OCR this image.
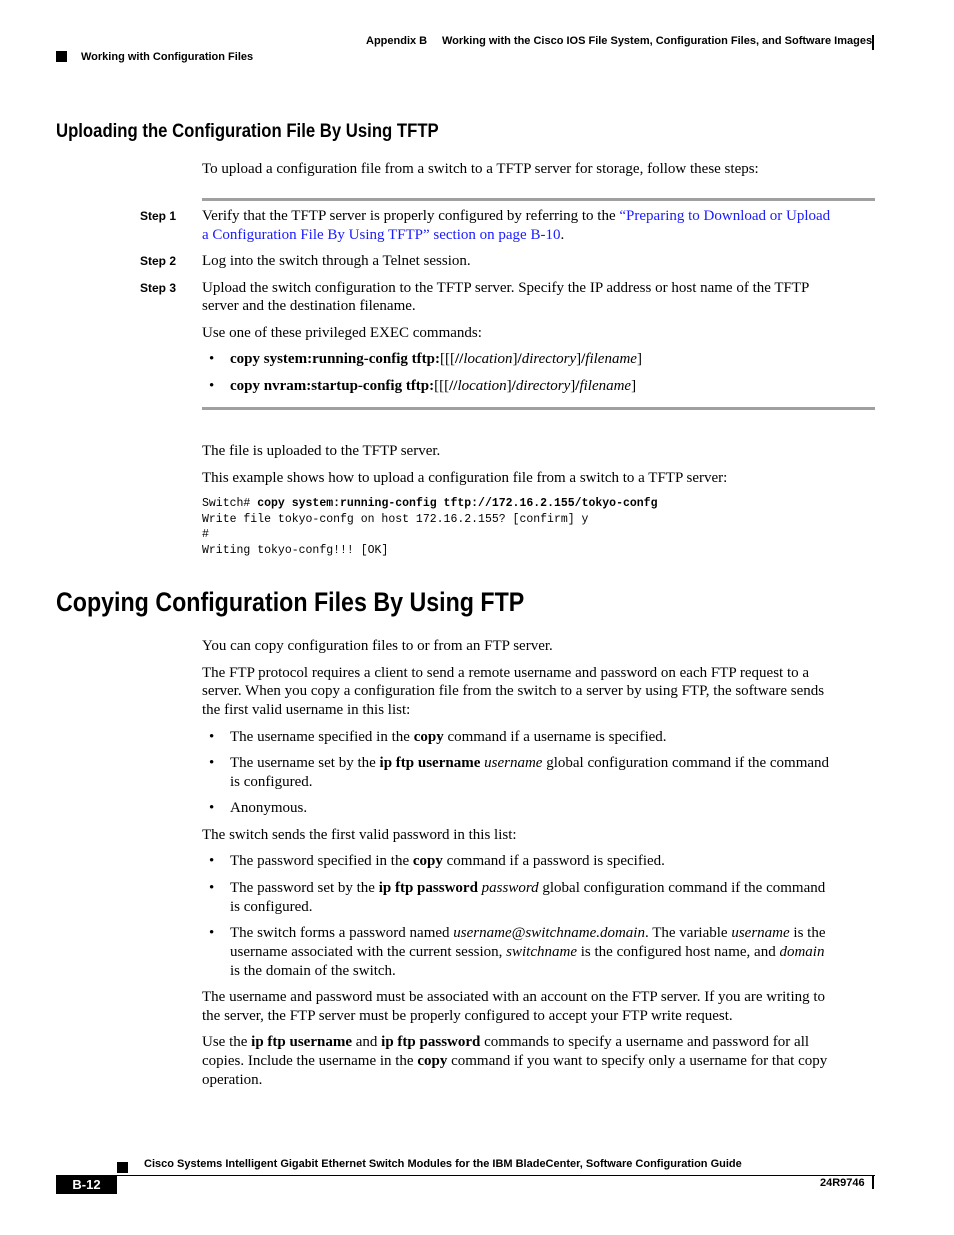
Appendix B Working with the Cisco IOS File System, Configuration Files, and Software Images
Working with Configuration Files
Uploading the Configuration File By Using TFTP
To upload a configuration file from a switch to a TFTP server for storage, follow these steps:
Step 1 Verify that the TFTP server is properly configured by referring to the “Preparing to Download or Upload
a Configuration File By Using TFTP” section on page B-10.
Step 2 Log into the switch through a Telnet session.
Step 3 Upload the switch configuration to the TFTP server. Specify the IP address or host name of the TFTP
server and the destination filename.
Use one of these privileged EXEC commands:
• copy system:running-config tftp:[[[//location]/directory]/filename]
• copy nvram:startup-config tftp:[[[//location]/directory]/filename]
The file is uploaded to the TFTP server.
This example shows how to upload a configuration file from a switch to a TFTP server:
Switch# copy system:running-config tftp://172.16.2.155/tokyo-confg
Write file tokyo-confg on host 172.16.2.155? [confirm] y
#
Writing tokyo-confg!!! [OK]
Copying Configuration Files By Using FTP
You can copy configuration files to or from an FTP server.
The FTP protocol requires a client to send a remote username and password on each FTP request to a
server. When you copy a configuration file from the switch to a server by using FTP, the software sends
the first valid username in this list:
• The username specified in the copy command if a username is specified.
• The username set by the ip ftp username username global configuration command if the command
is configured.
• Anonymous.
The switch sends the first valid password in this list:
• The password specified in the copy command if a password is specified.
• The password set by the ip ftp password password global configuration command if the command
is configured.
• The switch forms a password named username@switchname.domain. The variable username is the
username associated with the current session, switchname is the configured host name, and domain
is the domain of the switch.
The username and password must be associated with an account on the FTP server. If you are writing to
the server, the FTP server must be properly configured to accept your FTP write request.
Use the ip ftp username and ip ftp password commands to specify a username and password for all
copies. Include the username in the copy command if you want to specify only a username for that copy
operation.
Cisco Systems Intelligent Gigabit Ethernet Switch Modules for the IBM BladeCenter, Software Configuration Guide
B-12	24R9746
